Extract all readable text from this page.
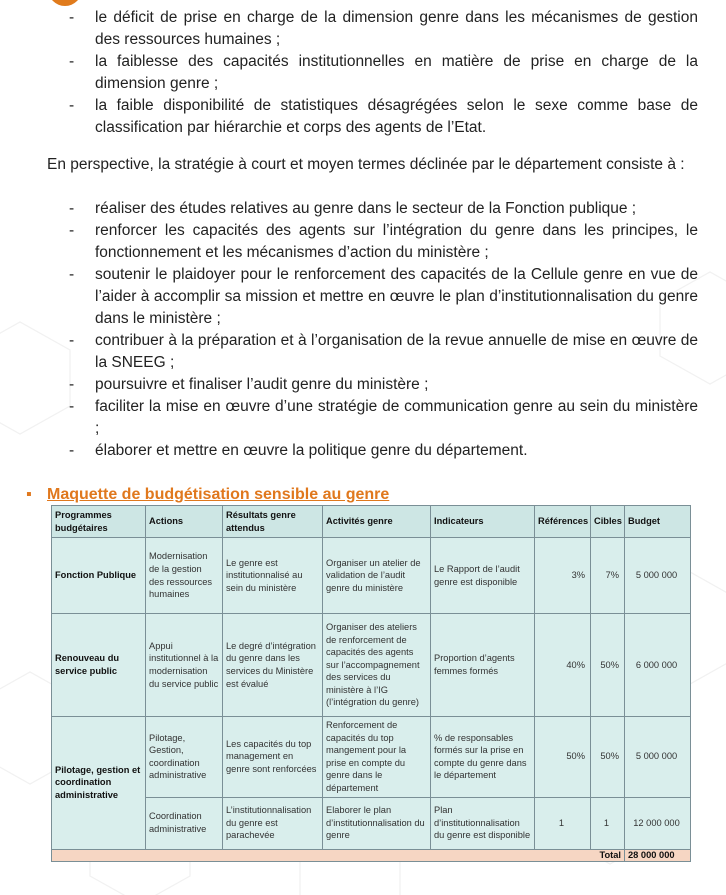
- le déficit de prise en charge de la dimension genre dans les mécanismes de gestion des ressources humaines ;
- la faiblesse des capacités institutionnelles en matière de prise en charge de la dimension genre ;
- la faible disponibilité de statistiques désagrégées selon le sexe comme base de classification par hiérarchie et corps des agents de l’Etat.

En perspective, la stratégie à court et moyen termes déclinée par le département consiste à :

- réaliser des études relatives au genre dans le secteur de la Fonction publique ;
- renforcer les capacités des agents sur l’intégration du genre dans les principes, le fonctionnement et les mécanismes d’action du ministère ;
- soutenir le plaidoyer pour le renforcement des capacités de la Cellule genre en vue de l’aider à accomplir sa mission et mettre en œuvre le plan d’institutionnalisation du genre dans le ministère ;
- contribuer à la préparation et à l’organisation de la revue annuelle de mise en œuvre de la SNEEG ;
- poursuivre et finaliser l’audit genre du ministère ;
- faciliter la mise en œuvre d’une stratégie de communication genre au sein du ministère ;
- élaborer et mettre en œuvre la politique genre du département.
▪ Maquette de budgétisation sensible au genre
Programmes budgétaires	Actions	Résultats genre attendus	Activités genre	Indicateurs	Références	Cibles	Budget
Fonction Publique	Modernisation de la gestion des ressources humaines	Le genre est institutionnalisé au sein du ministère	Organiser un atelier de validation de l’audit genre du ministère	Le Rapport de l’audit genre est disponible	3%	7%	5 000 000
Renouveau du service public	Appui institutionnel à la modernisation du service public	Le degré d’intégration du genre dans les services du Ministère est évalué	Organiser des ateliers de renforcement de capacités des agents sur l’accompagnement des services du ministère à l’IG (l’intégration du genre)	Proportion d’agents femmes formés	40%	50%	6 000 000
Pilotage, gestion et coordination administrative	Pilotage, Gestion, coordination administrative	Les capacités du top management en genre sont renforcées	Renforcement de capacités du top mangement pour la prise en compte du genre dans le département	% de responsables formés sur la prise en compte du genre dans le département	50%	50%	5 000 000
	Coordination administrative	L’institutionnalisation du genre est parachevée	Elaborer le plan d’institutionnalisation du genre	Plan d’institutionnalisation du genre est disponible	1	1	12 000 000
Total							28 000 000
